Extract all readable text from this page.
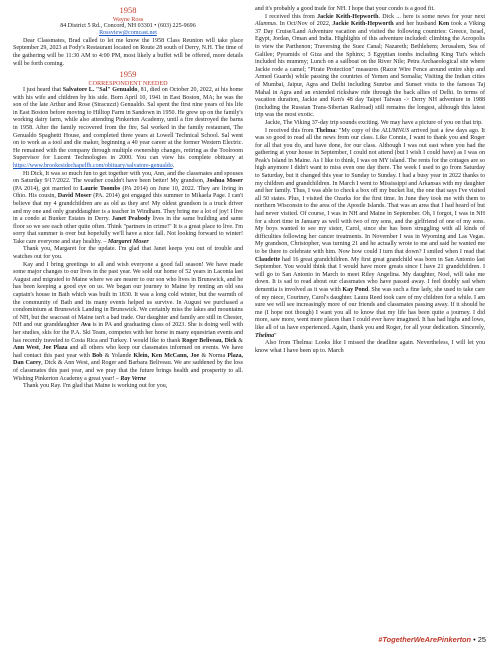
1958
Wayne Ross
84 District 5 Rd., Concord, NH 03301 • (603) 225-9696
Rossview@comcast.net

Dear Classmates, Brad called to let me know the 1958 Class Reunion will take place September 29, 2023 at Fody's Restaurant located on Route 28 south of Derry, N.H. The time of the gathering will be 11:30 AM to 4:00 PM, most likely a buffet will be offered, more details will be forth coming.

1959
CORRESPONDENT NEEDED

I just heard that Salvatore L. "Sal" Genualdo, 81, died on October 20, 2022, at his home with his wife and children by his side. Born April 10, 1941 in East Boston, MA; he was the son of the late Arthur and Rose (Stracuzzi) Genualdo. Sal spent the first nine years of his life in East Boston before moving to Hilltop Farm in Sandown in 1950. He grew up on the family's working dairy farm, while also attending Pinkerton Academy, until a fire destroyed the barns in 1958. After the family recovered from the fire, Sal worked in the family restaurant, The Genualdo Spaghetti House, and completed three years at Lowell Technical School. Sal went on to work as a tool and die maker, beginning a 40 year career at the former Western Electric. He remained with the company through multiple ownership changes, retiring as the Toolroom Supervisor for Lucent Technologies in 2000. You can view his complete obituary at https://www.brookesidechapelfh.com/obituary/salvatore-genualdo.

Hi Dick, It was so much fun to get together with you, Ann, and the classmates and spouses on Saturday 9/17/2022. The weather couldn't have been better! My grandson, Joshua Moser (PA 2014), got married to Laurie Toombs (PA 2014) on June 10, 2022. They are living in Ohio. His cousin, David Moser (PA. 2014) got engaged this summer to Mikaela Page. I can't believe that my 4 grandchildren are as old as they are! My oldest grandson is a truck driver and my one and only granddaughter is a teacher in Windham. They bring me a lot of joy! I live in a condo at Bunker Estates in Derry. Janet Peabody lives in the same building and same floor so we see each other quite often. Think "partners in crime!" It is a great place to live. I'm sorry that summer is over but hopefully we'll have a nice fall. Not looking forward to winter! Take care everyone and stay healthy. – Margaret Moser

Thank you, Margaret for the update. I'm glad that Janet keeps you out of trouble and watches out for you.

Kay and I bring greetings to all and wish everyone a good fall season! We have made some major changes to our lives in the past year. We sold our home of 52 years in Laconia last August and migrated to Maine where we are nearer to our son who lives in Brunswick, and he has been keeping a good eye on us. We began our journey to Maine by renting an old sea captain's house in Bath which was built in 1830. It was a long cold winter, but the warmth of the community of Bath and its many events helped us survive. In August we purchased a condominium at Brunswick Landing in Brunswick. We certainly miss the lakes and mountains of NH, but the seacoast of Maine isn't a bad trade. Our daughter and family are still in Chester, NH and our granddaughter Ava is in PA and graduating class of 2023. She is doing well with her studies, skis for the P.A. Ski Team, competes with her horse in many equestrian events and has recently traveled to Costa Rica and Turkey. I would like to thank Roger Beliveau, Dick & Ann West, Joe Plaza and all others who keep our classmates informed on events. We have had contact this past year with Bob & Yolande Klein, Ken McCann, Joe & Norma Plaza, Dan Carey, Dick & Ann West, and Roger and Barbara Beliveau. We are saddened by the loss of classmates this past year, and we pray that the future brings health and prosperity to all. Wishing Pinkerton Academy a great year! – Ray Verne

Thank you Ray. I'm glad that Maine is working out for you,

and it's probably a good trade for NH. I hope that your condo is a good fit.

I received this from Jackie Keith-Hepworth. Dick ... here is some news for your next Alumnus. In Oct/Nov of 2022, Jackie Keith-Hepworth and her husband Ken took a Viking 37 Day Cruise/Land Adventure vacation and visited the following countries: Greece, Israel, Egypt, Jordan, Oman and India. Highlights of this adventure included: climbing the Acropolis to view the Parthenon; Traversing the Suez Canal; Nazareth; Bethlehem; Jerusalem, Sea of Galilee; Pyramids of Giza and the Sphinx; 3 Egyptian tombs including King Tut's which included his mummy; Lunch on a sailboat on the River Nile; Petra Archaeological site where Jackie rode a camel; "Pirate Protection" measures (Razor Wire Fence around entire ship and Armed Guards) while passing the countries of Yemen and Somalia; Visiting the Indian cities of Mumbai, Jaipur, Agra and Delhi including Sunrise and Sunset visits to the famous Taj Mahal in Agra and an extended rickshaw ride through the back allies of Delhi. In terms of vacation duration, Jackie and Ken's 48 day Taipei Taiwan -> Derry NH adventure in 1988 (including the Russian Trans-Siberian Railroad) still remains the longest, although this latest trip was the most exotic.

Jackie, The Viking 37-day trip sounds exciting. We may have a picture of you on that trip.

I received this from Thelma: "My copy of the ALUMNUS arrived just a few days ago. It was so good to read all the news from our class. Like Connie, I want to thank you and Roger for all that you do, and have done, for our class. Although I was out east when you had the gathering at your house in September, I could not attend (but I wish I could have) as I was on Peak's Island in Maine. As I like to think, I was on MY island. The rents for the cottages are so high anymore I didn't want to miss even one day there. The week I used to go from Saturday to Saturday, but it changed this year to Sunday to Sunday. I had a busy year in 2022 thanks to my children and grandchildren. In March I went to Mississippi and Arkansas with my daughter and her family. Thus, I was able to check a box off my bucket list, the one that says I've visited all 50 states. Plus, I visited the Ozarks for the first time. In June they took me with them to northern Wisconsin to the area of the Apostle Islands. That was an area that I had heard of but had never visited. Of course, I was in NH and Maine in September. Oh, I forgot, I was in NH for a short time in January as well with two of my sons, and the girlfriend of one of my sons. My boys wanted to see my sister, Carol, since she has been struggling with all kinds of difficulties following her cancer treatments. In November I was in Wyoming and Las Vegas. My grandson, Christopher, was turning 21 and he actually wrote to me and said he wanted me to be there to celebrate with him. Now how could I turn that down? I smiled when I read that Claudette had 16 great grandchildren. My first great grandchild was born in San Antonio last September. You would think that I would have more greats since I have 21 grandchildren. I will go to San Antonio in March to meet Riley Angelina. My daughter, Noel, will take me down. It is sad to read about our classmates who have passed away. I feel doubly sad when dementia is involved as it was with Kay Pond. She was such a fine lady, she used to take care of my niece, Courtney, Carol's daughter. Laura Reed took care of my children for a while. I am sure we will see increasingly more of our friends and classmates passing away. If it should be me (I hope not though) I want you all to know that my life has been quite a journey. I did more, saw more, went more places than I could ever have imagined. It has had highs and lows, like all of us have experienced. Again, thank you and Roger, for all your dedication. Sincerely, Thelma"

Also from Thelma: Looks like I missed the deadline again. Nevertheless, I will let you know what I have been up to. March

#TogetherWeArePinkerton • 25
